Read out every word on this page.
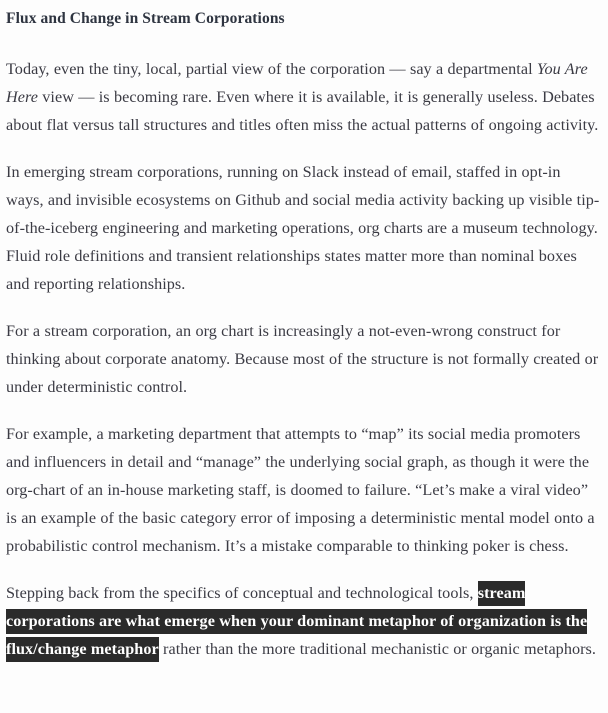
Flux and Change in Stream Corporations

Today, even the tiny, local, partial view of the corporation — say a departmental You Are Here view — is becoming rare. Even where it is available, it is generally useless. Debates about flat versus tall structures and titles often miss the actual patterns of ongoing activity.

In emerging stream corporations, running on Slack instead of email, staffed in opt-in ways, and invisible ecosystems on Github and social media activity backing up visible tip-of-the-iceberg engineering and marketing operations, org charts are a museum technology. Fluid role definitions and transient relationships states matter more than nominal boxes and reporting relationships.

For a stream corporation, an org chart is increasingly a not-even-wrong construct for thinking about corporate anatomy. Because most of the structure is not formally created or under deterministic control.

For example, a marketing department that attempts to “map” its social media promoters and influencers in detail and “manage” the underlying social graph, as though it were the org-chart of an in-house marketing staff, is doomed to failure. “Let’s make a viral video” is an example of the basic category error of imposing a deterministic mental model onto a probabilistic control mechanism. It’s a mistake comparable to thinking poker is chess.

Stepping back from the specifics of conceptual and technological tools, stream corporations are what emerge when your dominant metaphor of organization is the flux/change metaphor rather than the more traditional mechanistic or organic metaphors.
